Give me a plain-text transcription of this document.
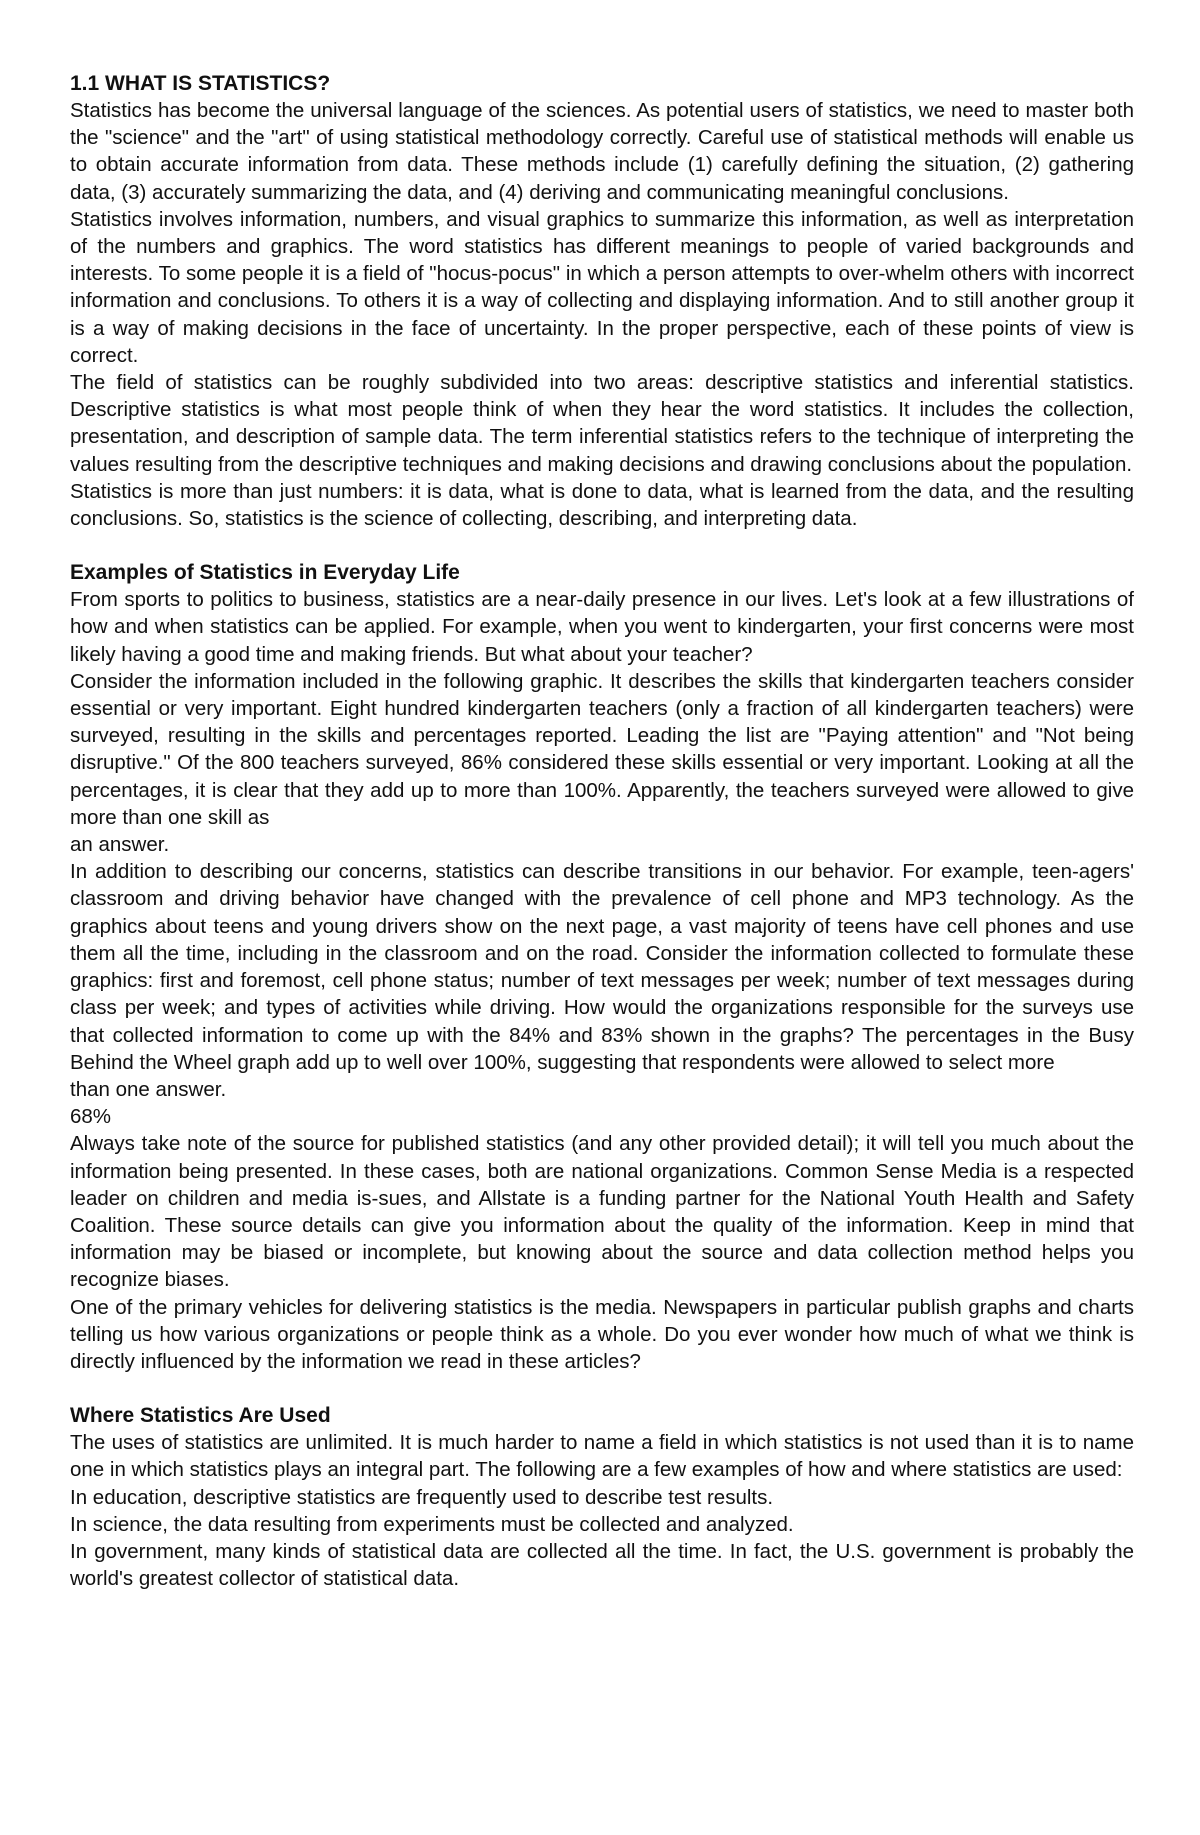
1.1 WHAT IS STATISTICS?

Statistics has become the universal language of the sciences. As potential users of statistics, we need to master both the "science" and the "art" of using statistical methodology correctly. Careful use of statistical methods will enable us to obtain accurate information from data. These methods include (1) carefully defining the situation, (2) gathering data, (3) accurately summarizing the data, and (4) deriving and communicating meaningful conclusions.

Statistics involves information, numbers, and visual graphics to summarize this information, as well as interpretation of the numbers and graphics. The word statistics has different meanings to people of varied backgrounds and interests. To some people it is a field of "hocus-pocus" in which a person attempts to over-whelm others with incorrect information and conclusions. To others it is a way of collecting and displaying information. And to still another group it is a way of making decisions in the face of uncertainty. In the proper perspective, each of these points of view is correct.

The field of statistics can be roughly subdivided into two areas: descriptive statistics and inferential statistics. Descriptive statistics is what most people think of when they hear the word statistics. It includes the collection, presentation, and description of sample data. The term inferential statistics refers to the technique of interpreting the values resulting from the descriptive techniques and making decisions and drawing conclusions about the population.

Statistics is more than just numbers: it is data, what is done to data, what is learned from the data, and the resulting conclusions. So, statistics is the science of collecting, describing, and interpreting data.

Examples of Statistics in Everyday Life

From sports to politics to business, statistics are a near-daily presence in our lives. Let's look at a few illustrations of how and when statistics can be applied. For example, when you went to kindergarten, your first concerns were most likely having a good time and making friends. But what about your teacher?

Consider the information included in the following graphic. It describes the skills that kindergarten teachers consider essential or very important. Eight hundred kindergarten teachers (only a fraction of all kindergarten teachers) were surveyed, resulting in the skills and percentages reported. Leading the list are "Paying attention" and "Not being disruptive." Of the 800 teachers surveyed, 86% considered these skills essential or very important. Looking at all the percentages, it is clear that they add up to more than 100%. Apparently, the teachers surveyed were allowed to give more than one skill as

an answer.

In addition to describing our concerns, statistics can describe transitions in our behavior. For example, teen-agers' classroom and driving behavior have changed with the prevalence of cell phone and MP3 technology. As the graphics about teens and young drivers show on the next page, a vast majority of teens have cell phones and use them all the time, including in the classroom and on the road. Consider the information collected to formulate these graphics: first and foremost, cell phone status; number of text messages per week; number of text messages during class per week; and types of activities while driving. How would the organizations responsible for the surveys use that collected information to come up with the 84% and 83% shown in the graphs? The percentages in the Busy Behind the Wheel graph add up to well over 100%, suggesting that respondents were allowed to select more

than one answer.

68%

Always take note of the source for published statistics (and any other provided detail); it will tell you much about the information being presented. In these cases, both are national organizations. Common Sense Media is a respected leader on children and media is-sues, and Allstate is a funding partner for the National Youth Health and Safety Coalition. These source details can give you information about the quality of the information. Keep in mind that information may be biased or incomplete, but knowing about the source and data collection method helps you recognize biases.

One of the primary vehicles for delivering statistics is the media. Newspapers in particular publish graphs and charts telling us how various organizations or people think as a whole. Do you ever wonder how much of what we think is directly influenced by the information we read in these articles?

Where Statistics Are Used

The uses of statistics are unlimited. It is much harder to name a field in which statistics is not used than it is to name one in which statistics plays an integral part. The following are a few examples of how and where statistics are used:

In education, descriptive statistics are frequently used to describe test results.

In science, the data resulting from experiments must be collected and analyzed.

In government, many kinds of statistical data are collected all the time. In fact, the U.S. government is probably the world's greatest collector of statistical data.
